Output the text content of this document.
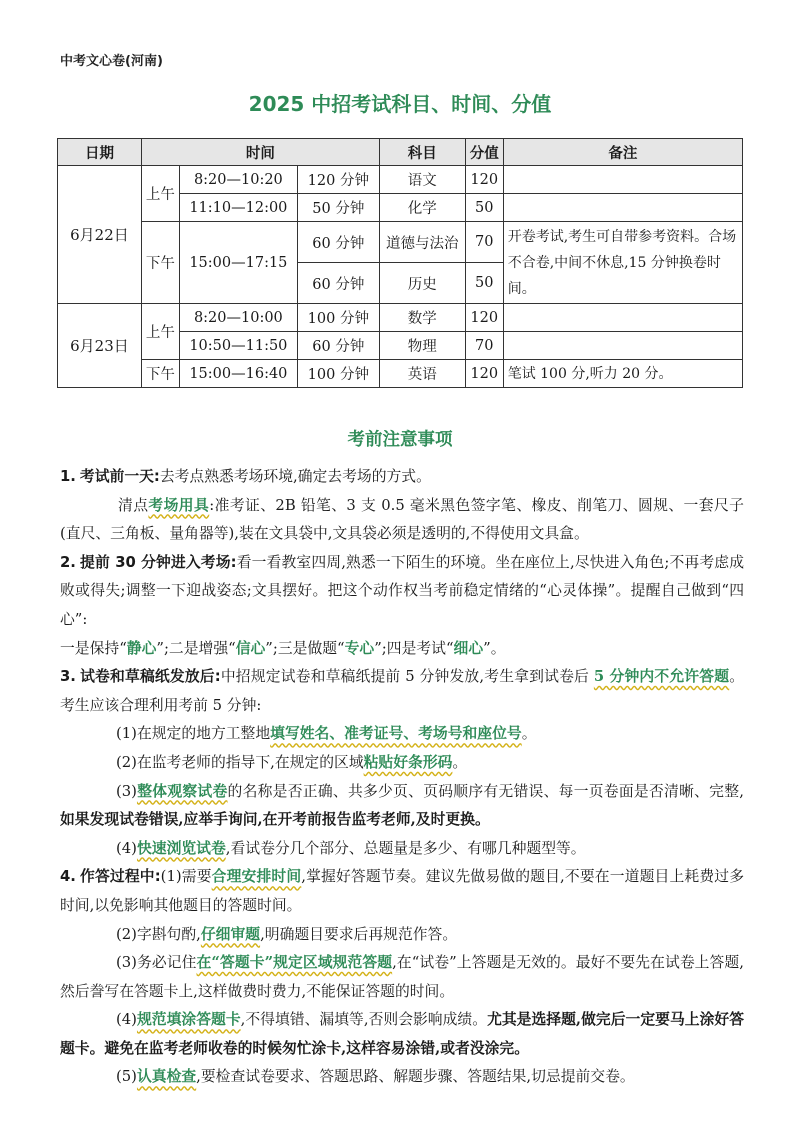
中考文心卷(河南)
2025 中招考试科目、时间、分值
日期	时间			科目	分值	备注
6月22日	上午	8:20—10:20	120 分钟	语文	120	
		11:10—12:00	50 分钟	化学	50	
	下午	15:00—17:15	60 分钟	道德与法治	70	开卷考试,考生可自带参考资料。合场不合卷,中间不休息,15 分钟换卷时间。
			60 分钟	历史	50	
6月23日	上午	8:20—10:00	100 分钟	数学	120	
		10:50—11:50	60 分钟	物理	70	
	下午	15:00—16:40	100 分钟	英语	120	笔试 100 分,听力 20 分。
考前注意事项

1. 考试前一天:去考点熟悉考场环境,确定去考场的方式。

清点考场用具:准考证、2B 铅笔、3 支 0.5 毫米黑色签字笔、橡皮、削笔刀、圆规、一套尺子(直尺、三角板、量角器等),装在文具袋中,文具袋必须是透明的,不得使用文具盒。

2. 提前 30 分钟进入考场:看一看教室四周,熟悉一下陌生的环境。坐在座位上,尽快进入角色;不再考虑成败或得失;调整一下迎战姿态;文具摆好。把这个动作权当考前稳定情绪的“心灵体操”。提醒自己做到“四心”:

一是保持“静心”;二是增强“信心”;三是做题“专心”;四是考试“细心”。

3. 试卷和草稿纸发放后:中招规定试卷和草稿纸提前 5 分钟发放,考生拿到试卷后 5 分钟内不允许答题。考生应该合理利用考前 5 分钟:

(1)在规定的地方工整地填写姓名、准考证号、考场号和座位号。

(2)在监考老师的指导下,在规定的区域粘贴好条形码。

(3)整体观察试卷的名称是否正确、共多少页、页码顺序有无错误、每一页卷面是否清晰、完整,如果发现试卷错误,应举手询问,在开考前报告监考老师,及时更换。

(4)快速浏览试卷,看试卷分几个部分、总题量是多少、有哪几种题型等。

4. 作答过程中:(1)需要合理安排时间,掌握好答题节奏。建议先做易做的题目,不要在一道题目上耗费过多时间,以免影响其他题目的答题时间。

(2)字斟句酌,仔细审题,明确题目要求后再规范作答。

(3)务必记住在“答题卡”规定区域规范答题,在“试卷”上答题是无效的。最好不要先在试卷上答题,然后誊写在答题卡上,这样做费时费力,不能保证答题的时间。

(4)规范填涂答题卡,不得填错、漏填等,否则会影响成绩。尤其是选择题,做完后一定要马上涂好答题卡。避免在监考老师收卷的时候匆忙涂卡,这样容易涂错,或者没涂完。

(5)认真检查,要检查试卷要求、答题思路、解题步骤、答题结果,切忌提前交卷。
